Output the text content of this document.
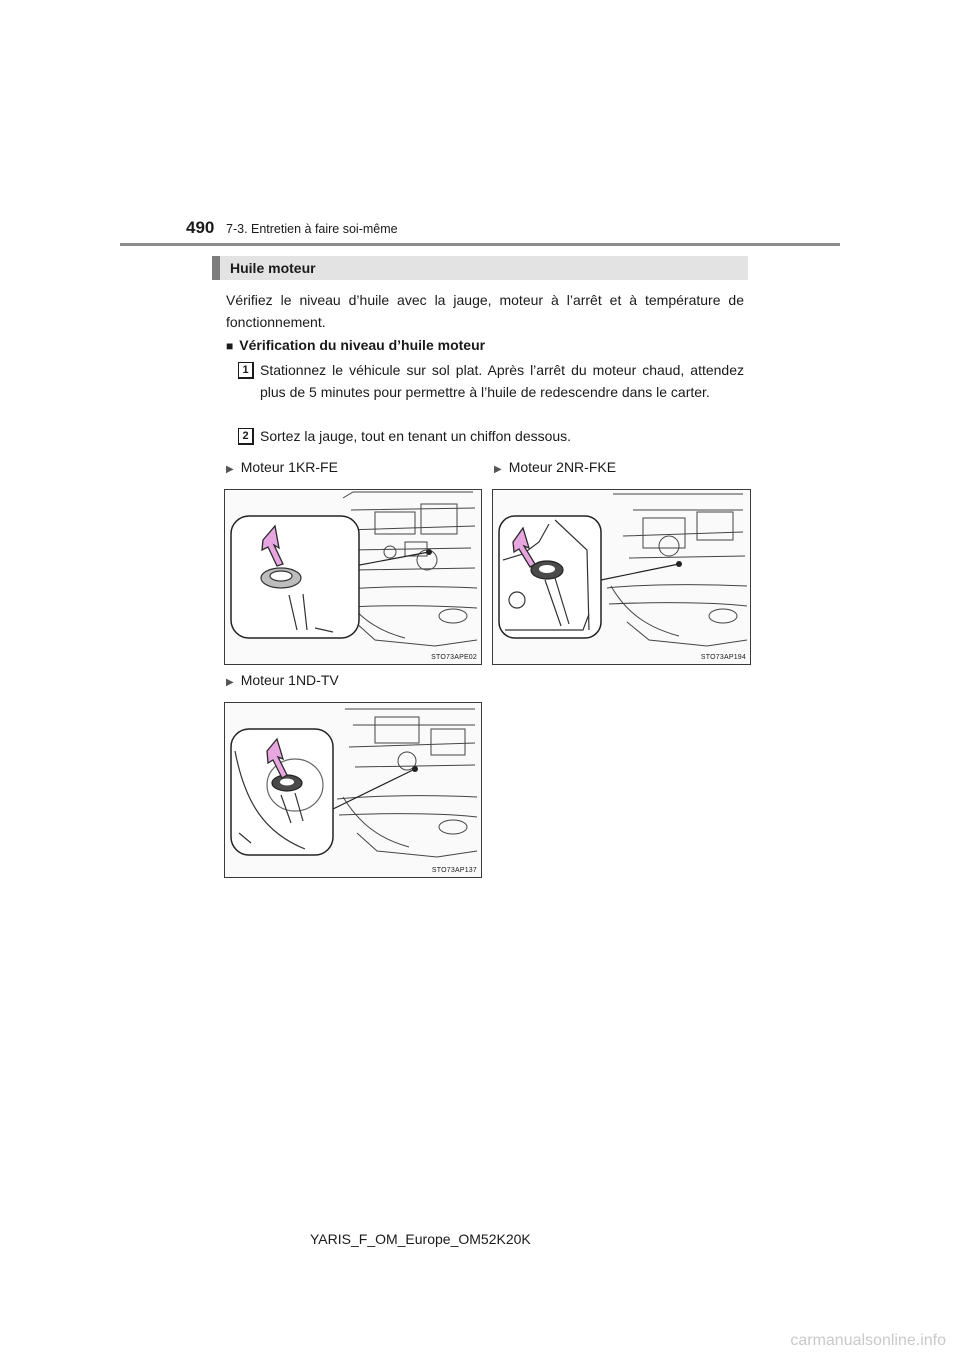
490 7-3. Entretien à faire soi-même
Huile moteur
Vérifiez le niveau d’huile avec la jauge, moteur à l’arrêt et à température de fonctionnement.
■ Vérification du niveau d’huile moteur
1 Stationnez le véhicule sur sol plat. Après l’arrêt du moteur chaud, attendez plus de 5 minutes pour permettre à l’huile de redescendre dans le carter.
2 Sortez la jauge, tout en tenant un chiffon dessous.
▶ Moteur 1KR-FE	▶ Moteur 2NR-FKE
STO73APE02	STO73AP194
▶ Moteur 1ND-TV
STO73AP137
YARIS_F_OM_Europe_OM52K20K
carmanualsonline.info
